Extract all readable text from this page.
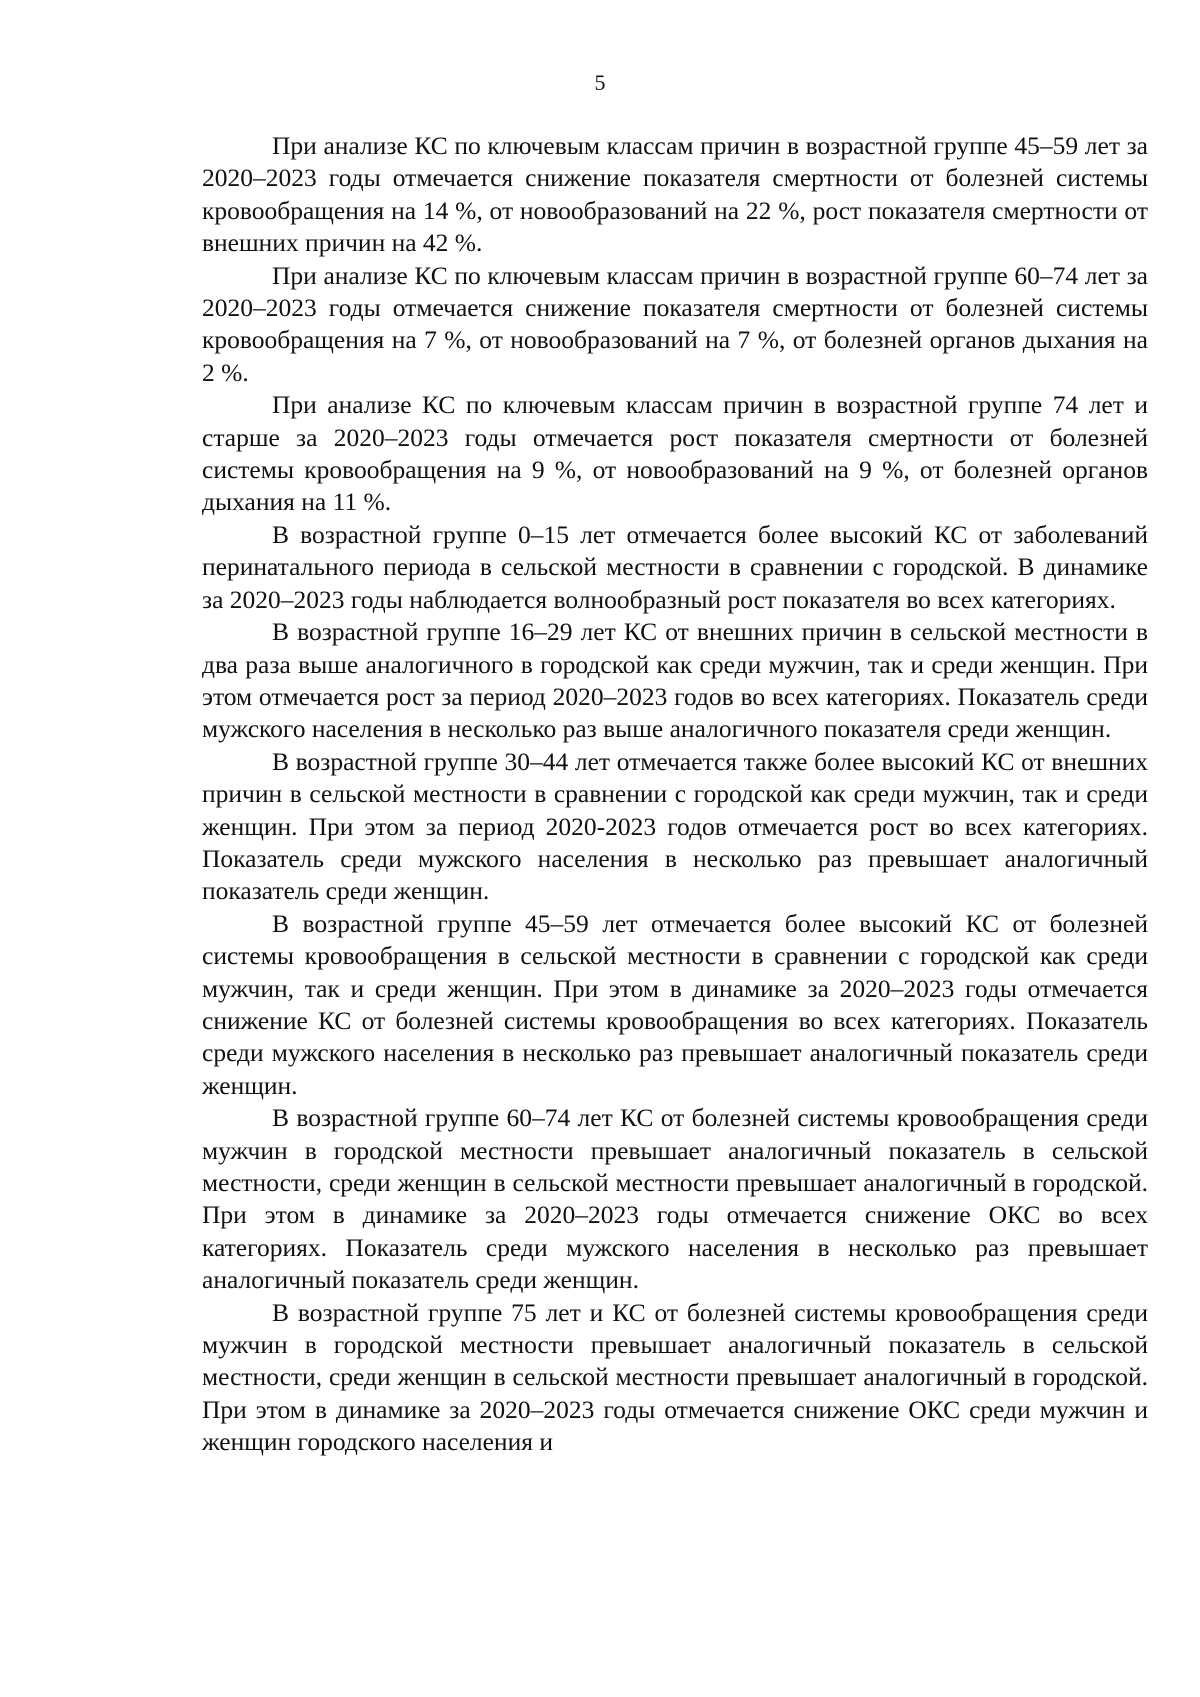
5

При анализе КС по ключевым классам причин в возрастной группе 45–59 лет за 2020–2023 годы отмечается снижение показателя смертности от болезней системы кровообращения на 14 %, от новообразований на 22 %, рост показателя смертности от внешних причин на 42 %.

При анализе КС по ключевым классам причин в возрастной группе 60–74 лет за 2020–2023 годы отмечается снижение показателя смертности от болезней системы кровообращения на 7 %, от новообразований на 7 %, от болезней органов дыхания на 2 %.

При анализе КС по ключевым классам причин в возрастной группе 74 лет и старше за 2020–2023 годы отмечается рост показателя смертности от болезней системы кровообращения на 9 %, от новообразований на 9 %, от болезней органов дыхания на 11 %.

В возрастной группе 0–15 лет отмечается более высокий КС от заболеваний перинатального периода в сельской местности в сравнении с городской. В динамике за 2020–2023 годы наблюдается волнообразный рост показателя во всех категориях.

В возрастной группе 16–29 лет КС от внешних причин в сельской местности в два раза выше аналогичного в городской как среди мужчин, так и среди женщин. При этом отмечается рост за период 2020–2023 годов во всех категориях. Показатель среди мужского населения в несколько раз выше аналогичного показателя среди женщин.

В возрастной группе 30–44 лет отмечается также более высокий КС от внешних причин в сельской местности в сравнении с городской как среди мужчин, так и среди женщин. При этом за период 2020-2023 годов отмечается рост во всех категориях. Показатель среди мужского населения в несколько раз превышает аналогичный показатель среди женщин.

В возрастной группе 45–59 лет отмечается более высокий КС от болезней системы кровообращения в сельской местности в сравнении с городской как среди мужчин, так и среди женщин. При этом в динамике за 2020–2023 годы отмечается снижение КС от болезней системы кровообращения во всех категориях. Показатель среди мужского населения в несколько раз превышает аналогичный показатель среди женщин.

В возрастной группе 60–74 лет КС от болезней системы кровообращения среди мужчин в городской местности превышает аналогичный показатель в сельской местности, среди женщин в сельской местности превышает аналогичный в городской. При этом в динамике за 2020–2023 годы отмечается снижение ОКС во всех категориях. Показатель среди мужского населения в несколько раз превышает аналогичный показатель среди женщин.

В возрастной группе 75 лет и КС от болезней системы кровообращения среди мужчин в городской местности превышает аналогичный показатель в сельской местности, среди женщин в сельской местности превышает аналогичный в городской. При этом в динамике за 2020–2023 годы отмечается снижение ОКС среди мужчин и женщин городского населения и
